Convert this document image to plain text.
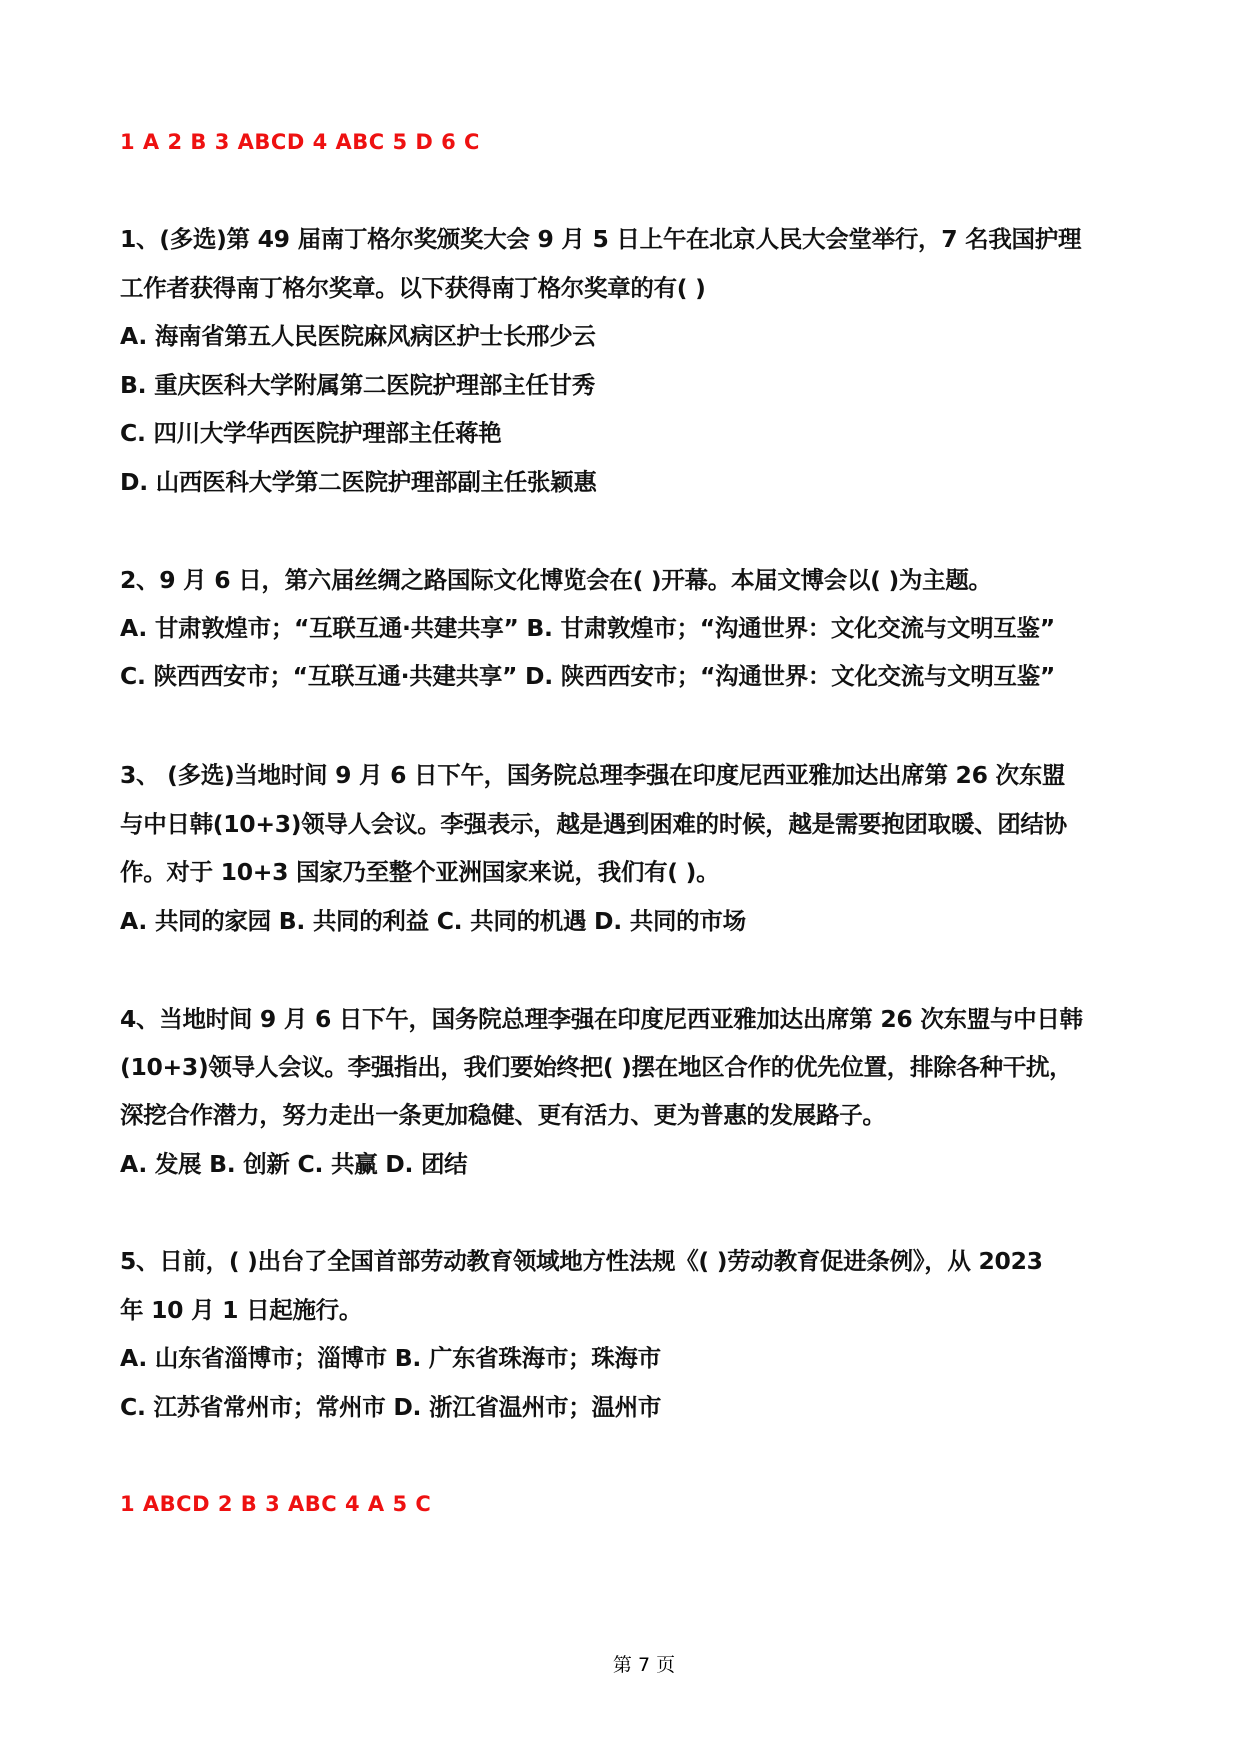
1 A 2 B 3 ABCD 4 ABC 5 D 6 C
1、(多选)第 49 届南丁格尔奖颁奖大会 9 月 5 日上午在北京人民大会堂举行，7 名我国护理
工作者获得南丁格尔奖章。以下获得南丁格尔奖章的有( )
A. 海南省第五人民医院麻风病区护士长邢少云
B. 重庆医科大学附属第二医院护理部主任甘秀
C. 四川大学华西医院护理部主任蒋艳
D. 山西医科大学第二医院护理部副主任张颖惠
2、9 月 6 日，第六届丝绸之路国际文化博览会在( )开幕。本届文博会以( )为主题。
A. 甘肃敦煌市；“互联互通·共建共享” B. 甘肃敦煌市；“沟通世界：文化交流与文明互鉴”
C. 陕西西安市；“互联互通·共建共享” D. 陕西西安市；“沟通世界：文化交流与文明互鉴”
3、 (多选)当地时间 9 月 6 日下午，国务院总理李强在印度尼西亚雅加达出席第 26 次东盟
与中日韩(10+3)领导人会议。李强表示，越是遇到困难的时候，越是需要抱团取暖、团结协
作。对于 10+3 国家乃至整个亚洲国家来说，我们有( )。
A. 共同的家园 B. 共同的利益 C. 共同的机遇 D. 共同的市场
4、当地时间 9 月 6 日下午，国务院总理李强在印度尼西亚雅加达出席第 26 次东盟与中日韩
(10+3)领导人会议。李强指出，我们要始终把( )摆在地区合作的优先位置，排除各种干扰，
深挖合作潜力，努力走出一条更加稳健、更有活力、更为普惠的发展路子。
A. 发展 B. 创新 C. 共赢 D. 团结
5、日前，( )出台了全国首部劳动教育领域地方性法规《( )劳动教育促进条例》，从 2023
年 10 月 1 日起施行。
A. 山东省淄博市；淄博市 B. 广东省珠海市；珠海市
C. 江苏省常州市；常州市 D. 浙江省温州市；温州市
1 ABCD 2 B 3 ABC 4 A 5 C
第 7 页
